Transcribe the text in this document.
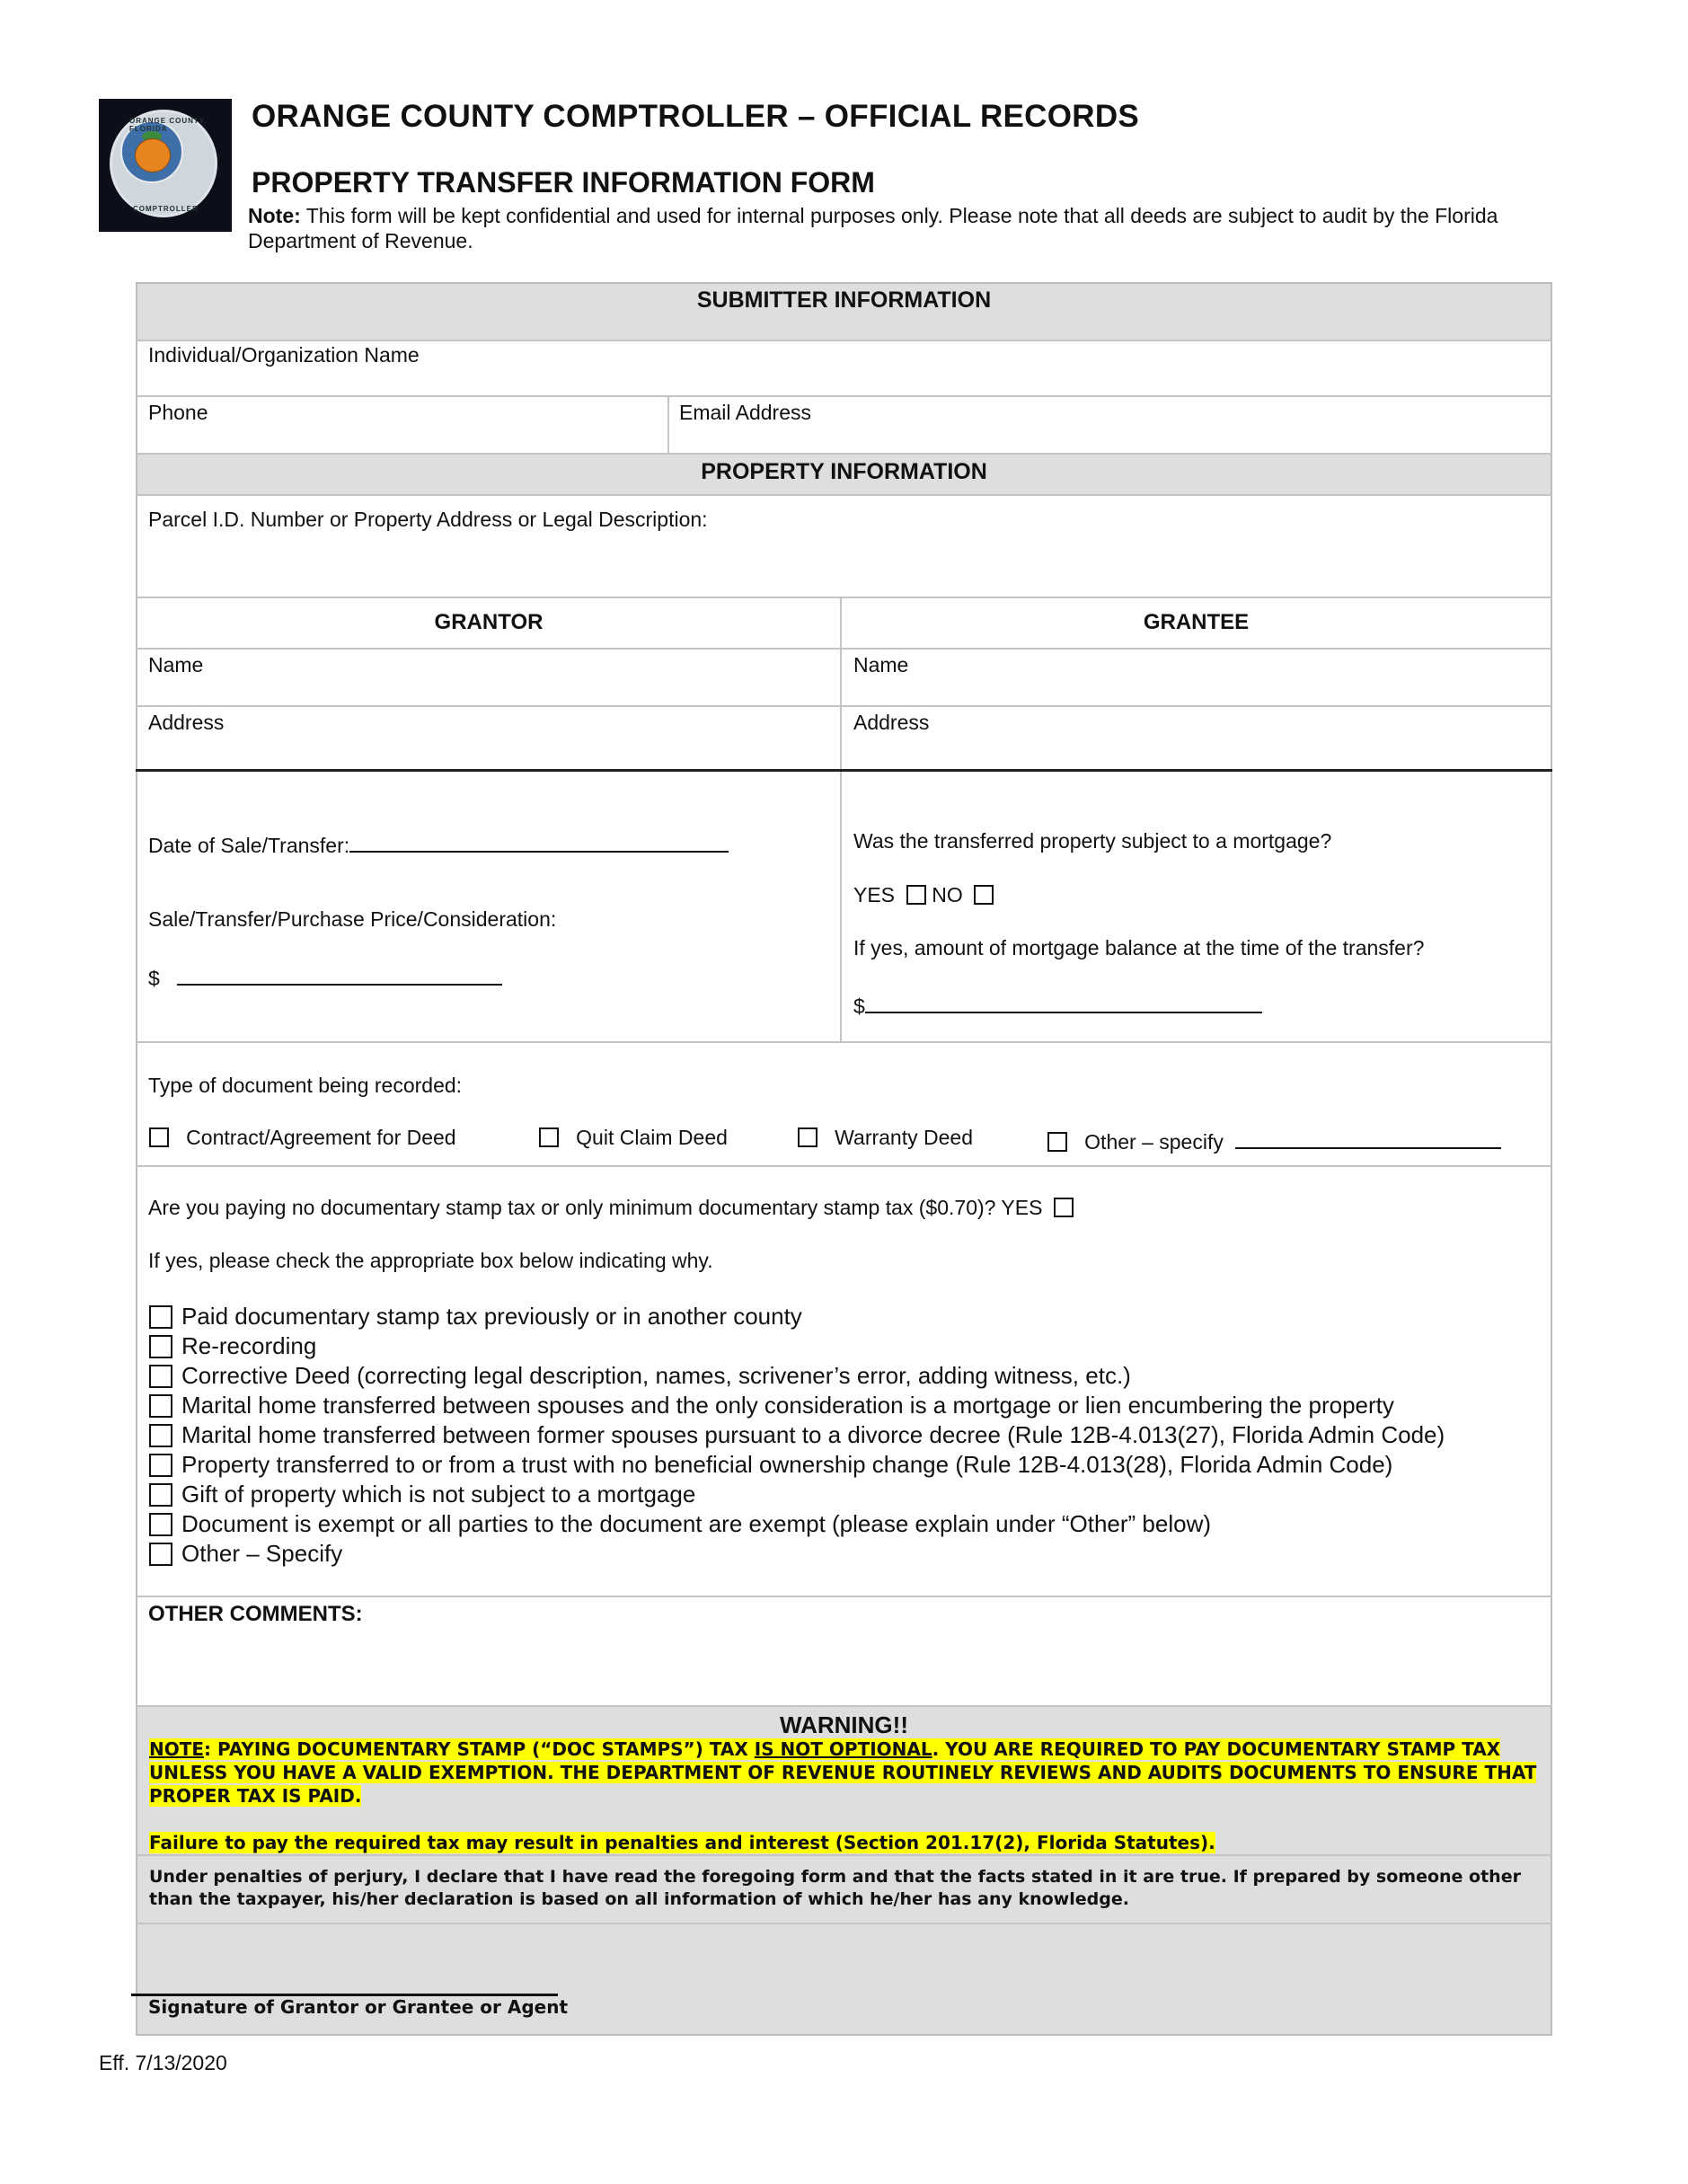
ORANGE COUNTY, FLORIDA
COMPTROLLER
ORANGE COUNTY COMPTROLLER – OFFICIAL RECORDS
PROPERTY TRANSFER INFORMATION FORM
Note: This form will be kept confidential and used for internal purposes only. Please note that all deeds are subject to audit by the Florida Department of Revenue.
SUBMITTER INFORMATION
Individual/Organization Name
Phone	Email Address
PROPERTY INFORMATION
Parcel I.D. Number or Property Address or Legal Description:
GRANTOR	GRANTEE
Name	Name
Address	Address
Date of Sale/Transfer:
Sale/Transfer/Purchase Price/Consideration:
$
Was the transferred property subject to a mortgage?
YES NO
If yes, amount of mortgage balance at the time of the transfer?
$
Type of document being recorded:
Contract/Agreement for Deed	Quit Claim Deed	Warranty Deed	Other – specify
Are you paying no documentary stamp tax or only minimum documentary stamp tax ($0.70)? YES
If yes, please check the appropriate box below indicating why.
Paid documentary stamp tax previously or in another county
Re-recording
Corrective Deed (correcting legal description, names, scrivener’s error, adding witness, etc.)
Marital home transferred between spouses and the only consideration is a mortgage or lien encumbering the property
Marital home transferred between former spouses pursuant to a divorce decree (Rule 12B-4.013(27), Florida Admin Code)
Property transferred to or from a trust with no beneficial ownership change (Rule 12B-4.013(28), Florida Admin Code)
Gift of property which is not subject to a mortgage
Document is exempt or all parties to the document are exempt (please explain under “Other” below)
Other – Specify
OTHER COMMENTS:
WARNING!!
NOTE: PAYING DOCUMENTARY STAMP (“DOC STAMPS”) TAX IS NOT OPTIONAL. YOU ARE REQUIRED TO PAY DOCUMENTARY STAMP TAX UNLESS YOU HAVE A VALID EXEMPTION. THE DEPARTMENT OF REVENUE ROUTINELY REVIEWS AND AUDITS DOCUMENTS TO ENSURE THAT PROPER TAX IS PAID.
Failure to pay the required tax may result in penalties and interest (Section 201.17(2), Florida Statutes).
Under penalties of perjury, I declare that I have read the foregoing form and that the facts stated in it are true. If prepared by someone other than the taxpayer, his/her declaration is based on all information of which he/her has any knowledge.
Signature of Grantor or Grantee or Agent
Eff. 7/13/2020
